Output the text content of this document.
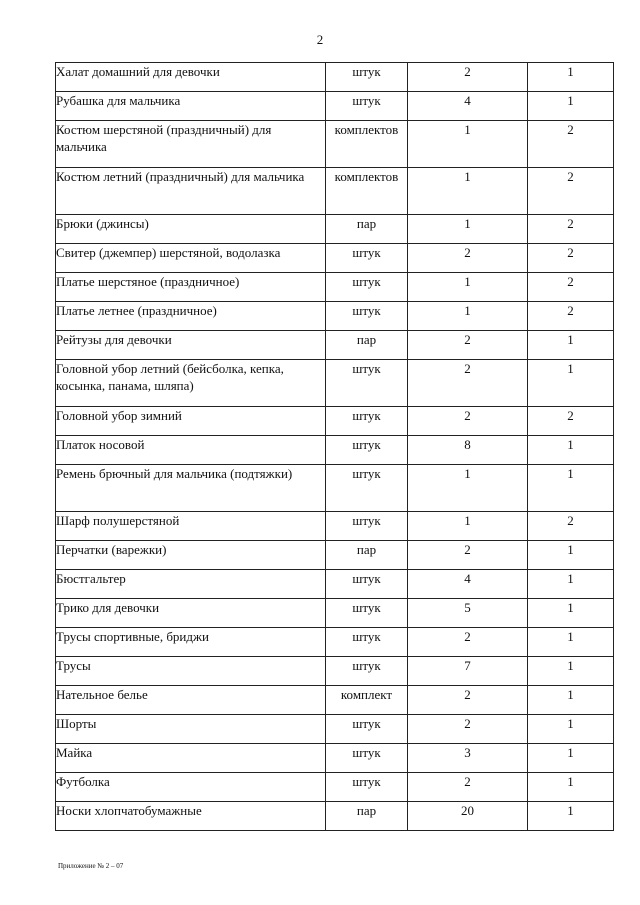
2
Халат домашний для девочки	штук	2	1
Рубашка для мальчика	штук	4	1
Костюм шерстяной (праздничный) для мальчика	комплектов	1	2
Костюм летний (праздничный) для мальчика	комплектов	1	2
Брюки (джинсы)	пар	1	2
Свитер (джемпер) шерстяной, водолазка	штук	2	2
Платье шерстяное (праздничное)	штук	1	2
Платье летнее (праздничное)	штук	1	2
Рейтузы для девочки	пар	2	1
Головной убор летний (бейсболка, кепка, косынка, панама, шляпа)	штук	2	1
Головной убор зимний	штук	2	2
Платок носовой	штук	8	1
Ремень брючный для мальчика (подтяжки)	штук	1	1
Шарф полушерстяной	штук	1	2
Перчатки (варежки)	пар	2	1
Бюстгальтер	штук	4	1
Трико для девочки	штук	5	1
Трусы спортивные, бриджи	штук	2	1
Трусы	штук	7	1
Нательное белье	комплект	2	1
Шорты	штук	2	1
Майка	штук	3	1
Футболка	штук	2	1
Носки хлопчатобумажные	пар	20	1
Приложение № 2 – 07
